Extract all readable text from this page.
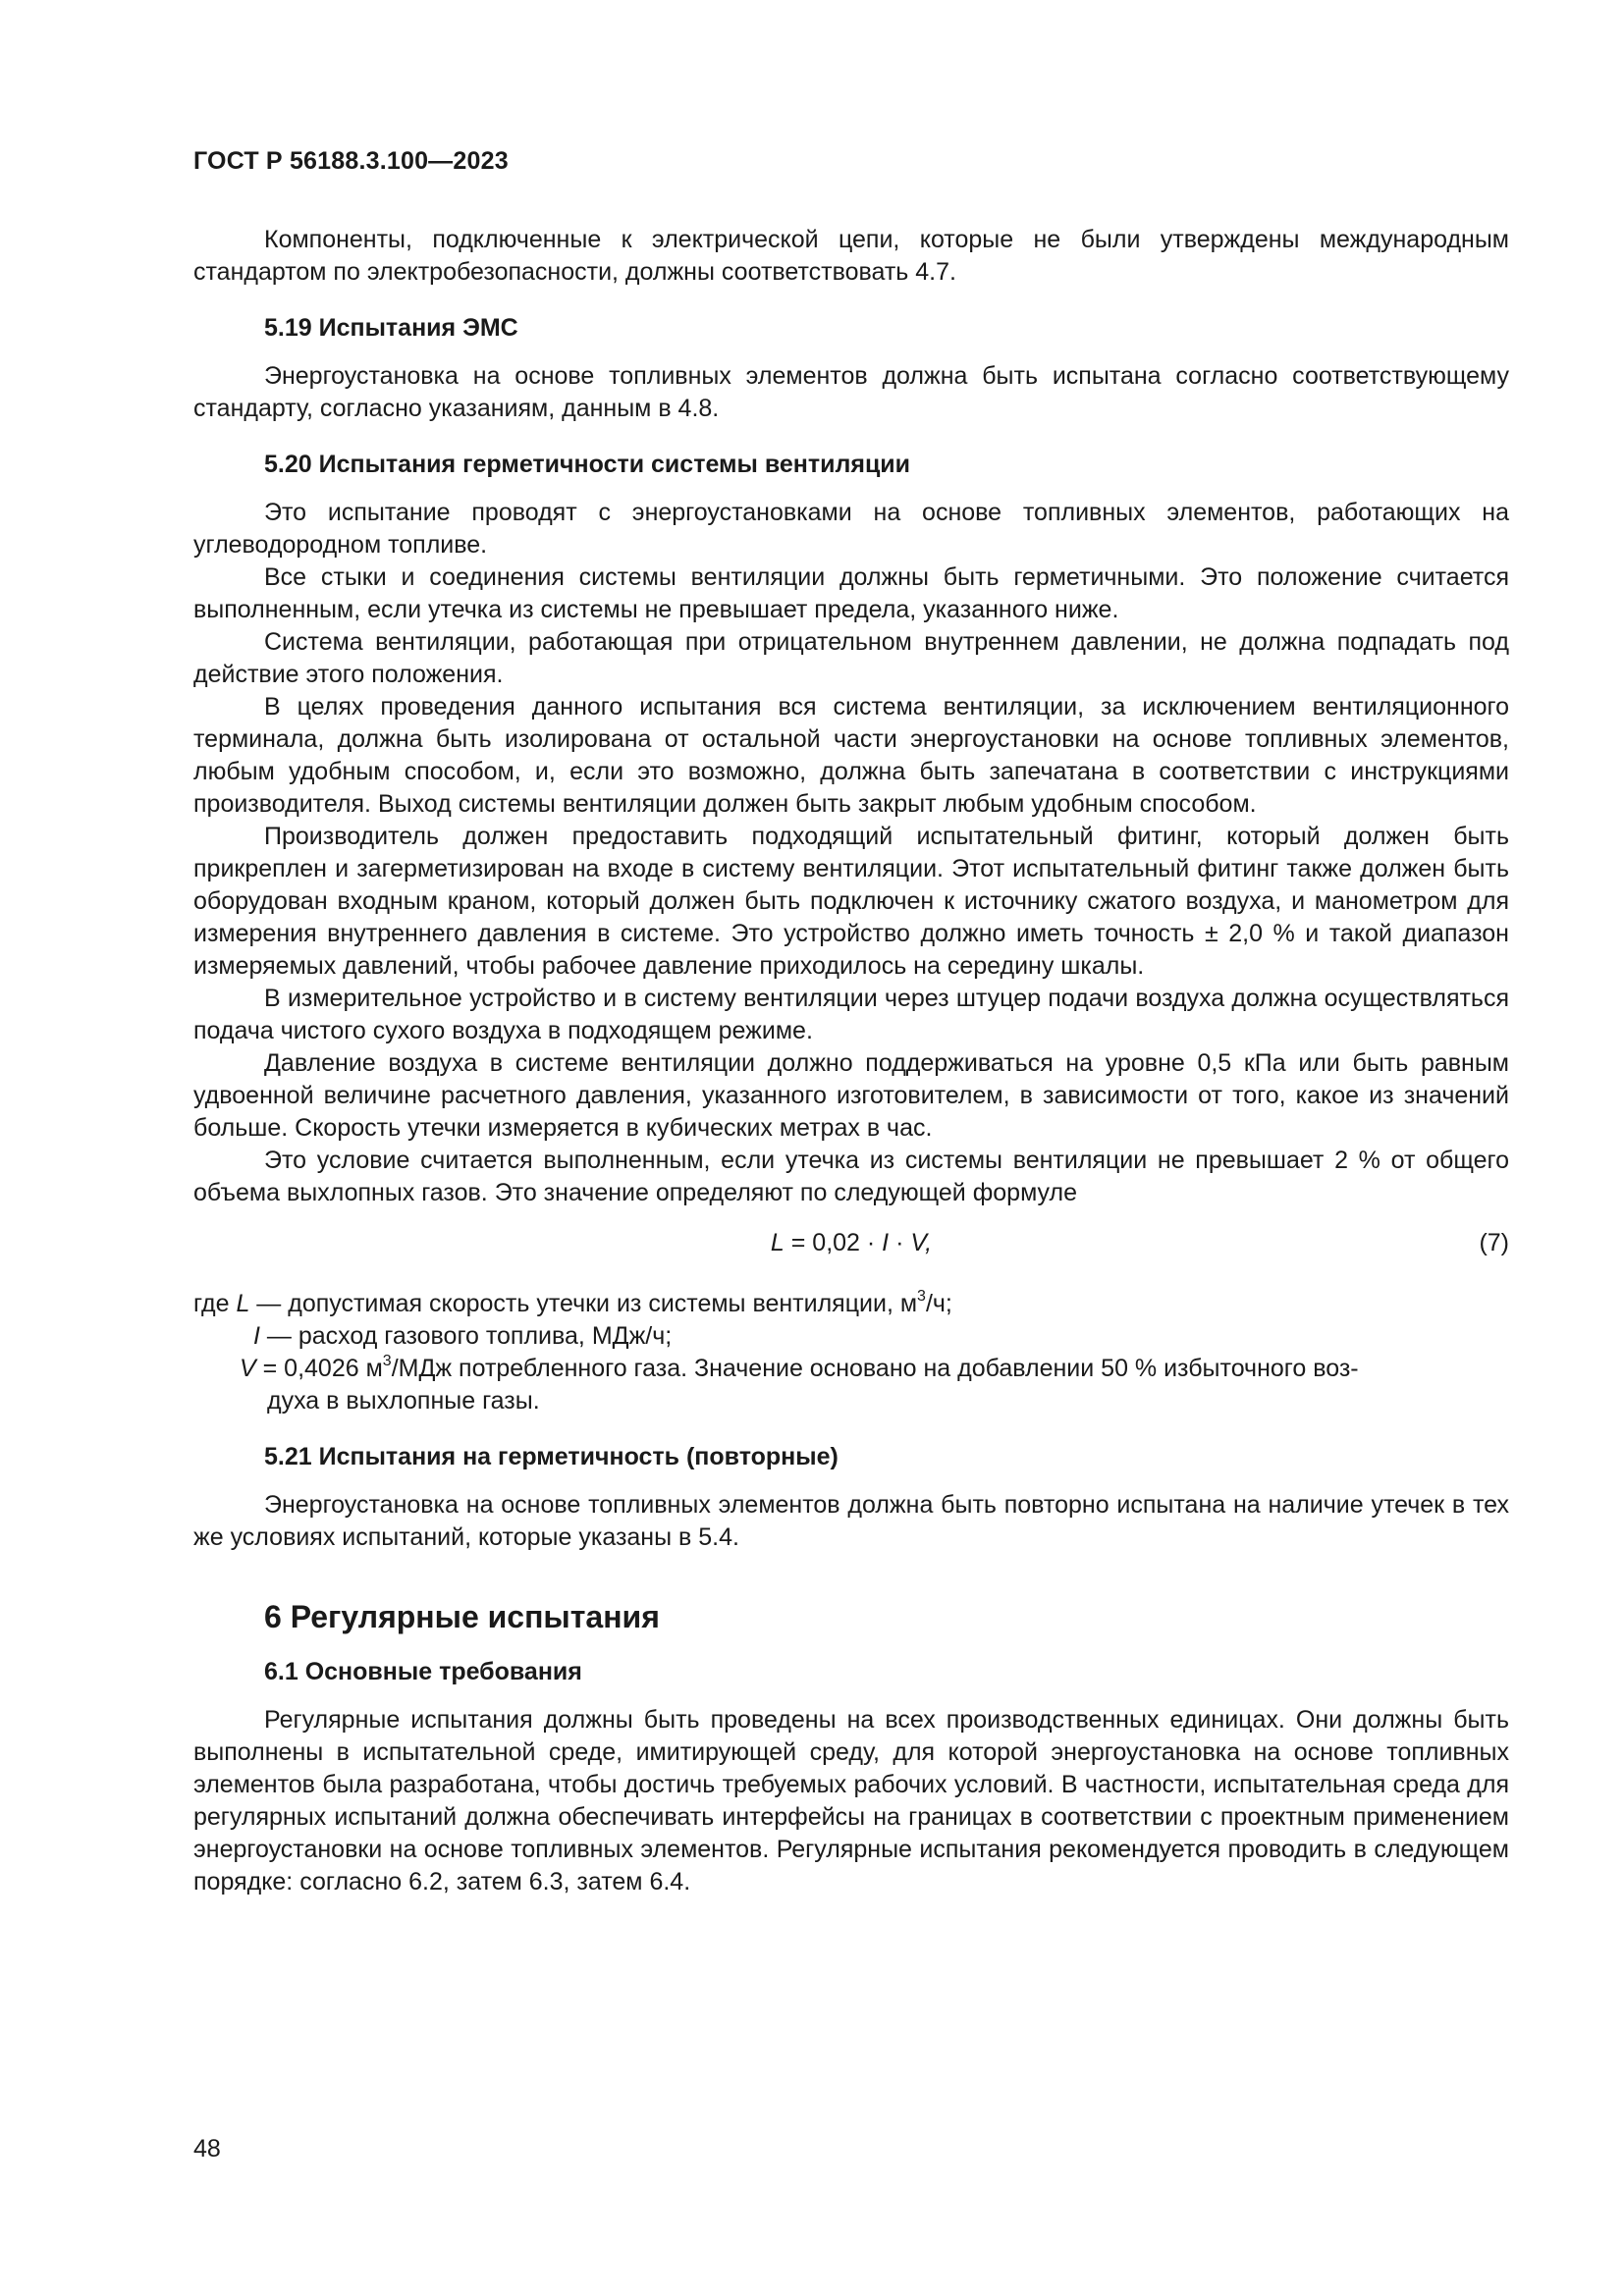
ГОСТ Р 56188.3.100—2023

Компоненты, подключенные к электрической цепи, которые не были утверждены международным стандартом по электробезопасности, должны соответствовать 4.7.

5.19 Испытания ЭМС

Энергоустановка на основе топливных элементов должна быть испытана согласно соответствующему стандарту, согласно указаниям, данным в 4.8.

5.20 Испытания герметичности системы вентиляции

Это испытание проводят с энергоустановками на основе топливных элементов, работающих на углеводородном топливе.

Все стыки и соединения системы вентиляции должны быть герметичными. Это положение считается выполненным, если утечка из системы не превышает предела, указанного ниже.

Система вентиляции, работающая при отрицательном внутреннем давлении, не должна подпадать под действие этого положения.

В целях проведения данного испытания вся система вентиляции, за исключением вентиляционного терминала, должна быть изолирована от остальной части энергоустановки на основе топливных элементов, любым удобным способом, и, если это возможно, должна быть запечатана в соответствии с инструкциями производителя. Выход системы вентиляции должен быть закрыт любым удобным способом.

Производитель должен предоставить подходящий испытательный фитинг, который должен быть прикреплен и загерметизирован на входе в систему вентиляции. Этот испытательный фитинг также должен быть оборудован входным краном, который должен быть подключен к источнику сжатого воздуха, и манометром для измерения внутреннего давления в системе. Это устройство должно иметь точность ± 2,0 % и такой диапазон измеряемых давлений, чтобы рабочее давление приходилось на середину шкалы.

В измерительное устройство и в систему вентиляции через штуцер подачи воздуха должна осуществляться подача чистого сухого воздуха в подходящем режиме.

Давление воздуха в системе вентиляции должно поддерживаться на уровне 0,5 кПа или быть равным удвоенной величине расчетного давления, указанного изготовителем, в зависимости от того, какое из значений больше. Скорость утечки измеряется в кубических метрах в час.

Это условие считается выполненным, если утечка из системы вентиляции не превышает 2 % от общего объема выхлопных газов. Это значение определяют по следующей формуле

L = 0,02 · I · V,	(7)
где L — допустимая скорость утечки из системы вентиляции, $м^3/ч$;
I — расход газового топлива, МДж/ч;
V = 0,4026 $м^3$/МДж потребленного газа. Значение основано на добавлении 50 % избыточного воз-
духа в выхлопные газы.
5.21 Испытания на герметичность (повторные)

Энергоустановка на основе топливных элементов должна быть повторно испытана на наличие утечек в тех же условиях испытаний, которые указаны в 5.4.

6 Регулярные испытания
6.1 Основные требования

Регулярные испытания должны быть проведены на всех производственных единицах. Они должны быть выполнены в испытательной среде, имитирующей среду, для которой энергоустановка на основе топливных элементов была разработана, чтобы достичь требуемых рабочих условий. В частности, испытательная среда для регулярных испытаний должна обеспечивать интерфейсы на границах в соответствии с проектным применением энергоустановки на основе топливных элементов. Регулярные испытания рекомендуется проводить в следующем порядке: согласно 6.2, затем 6.3, затем 6.4.

48
